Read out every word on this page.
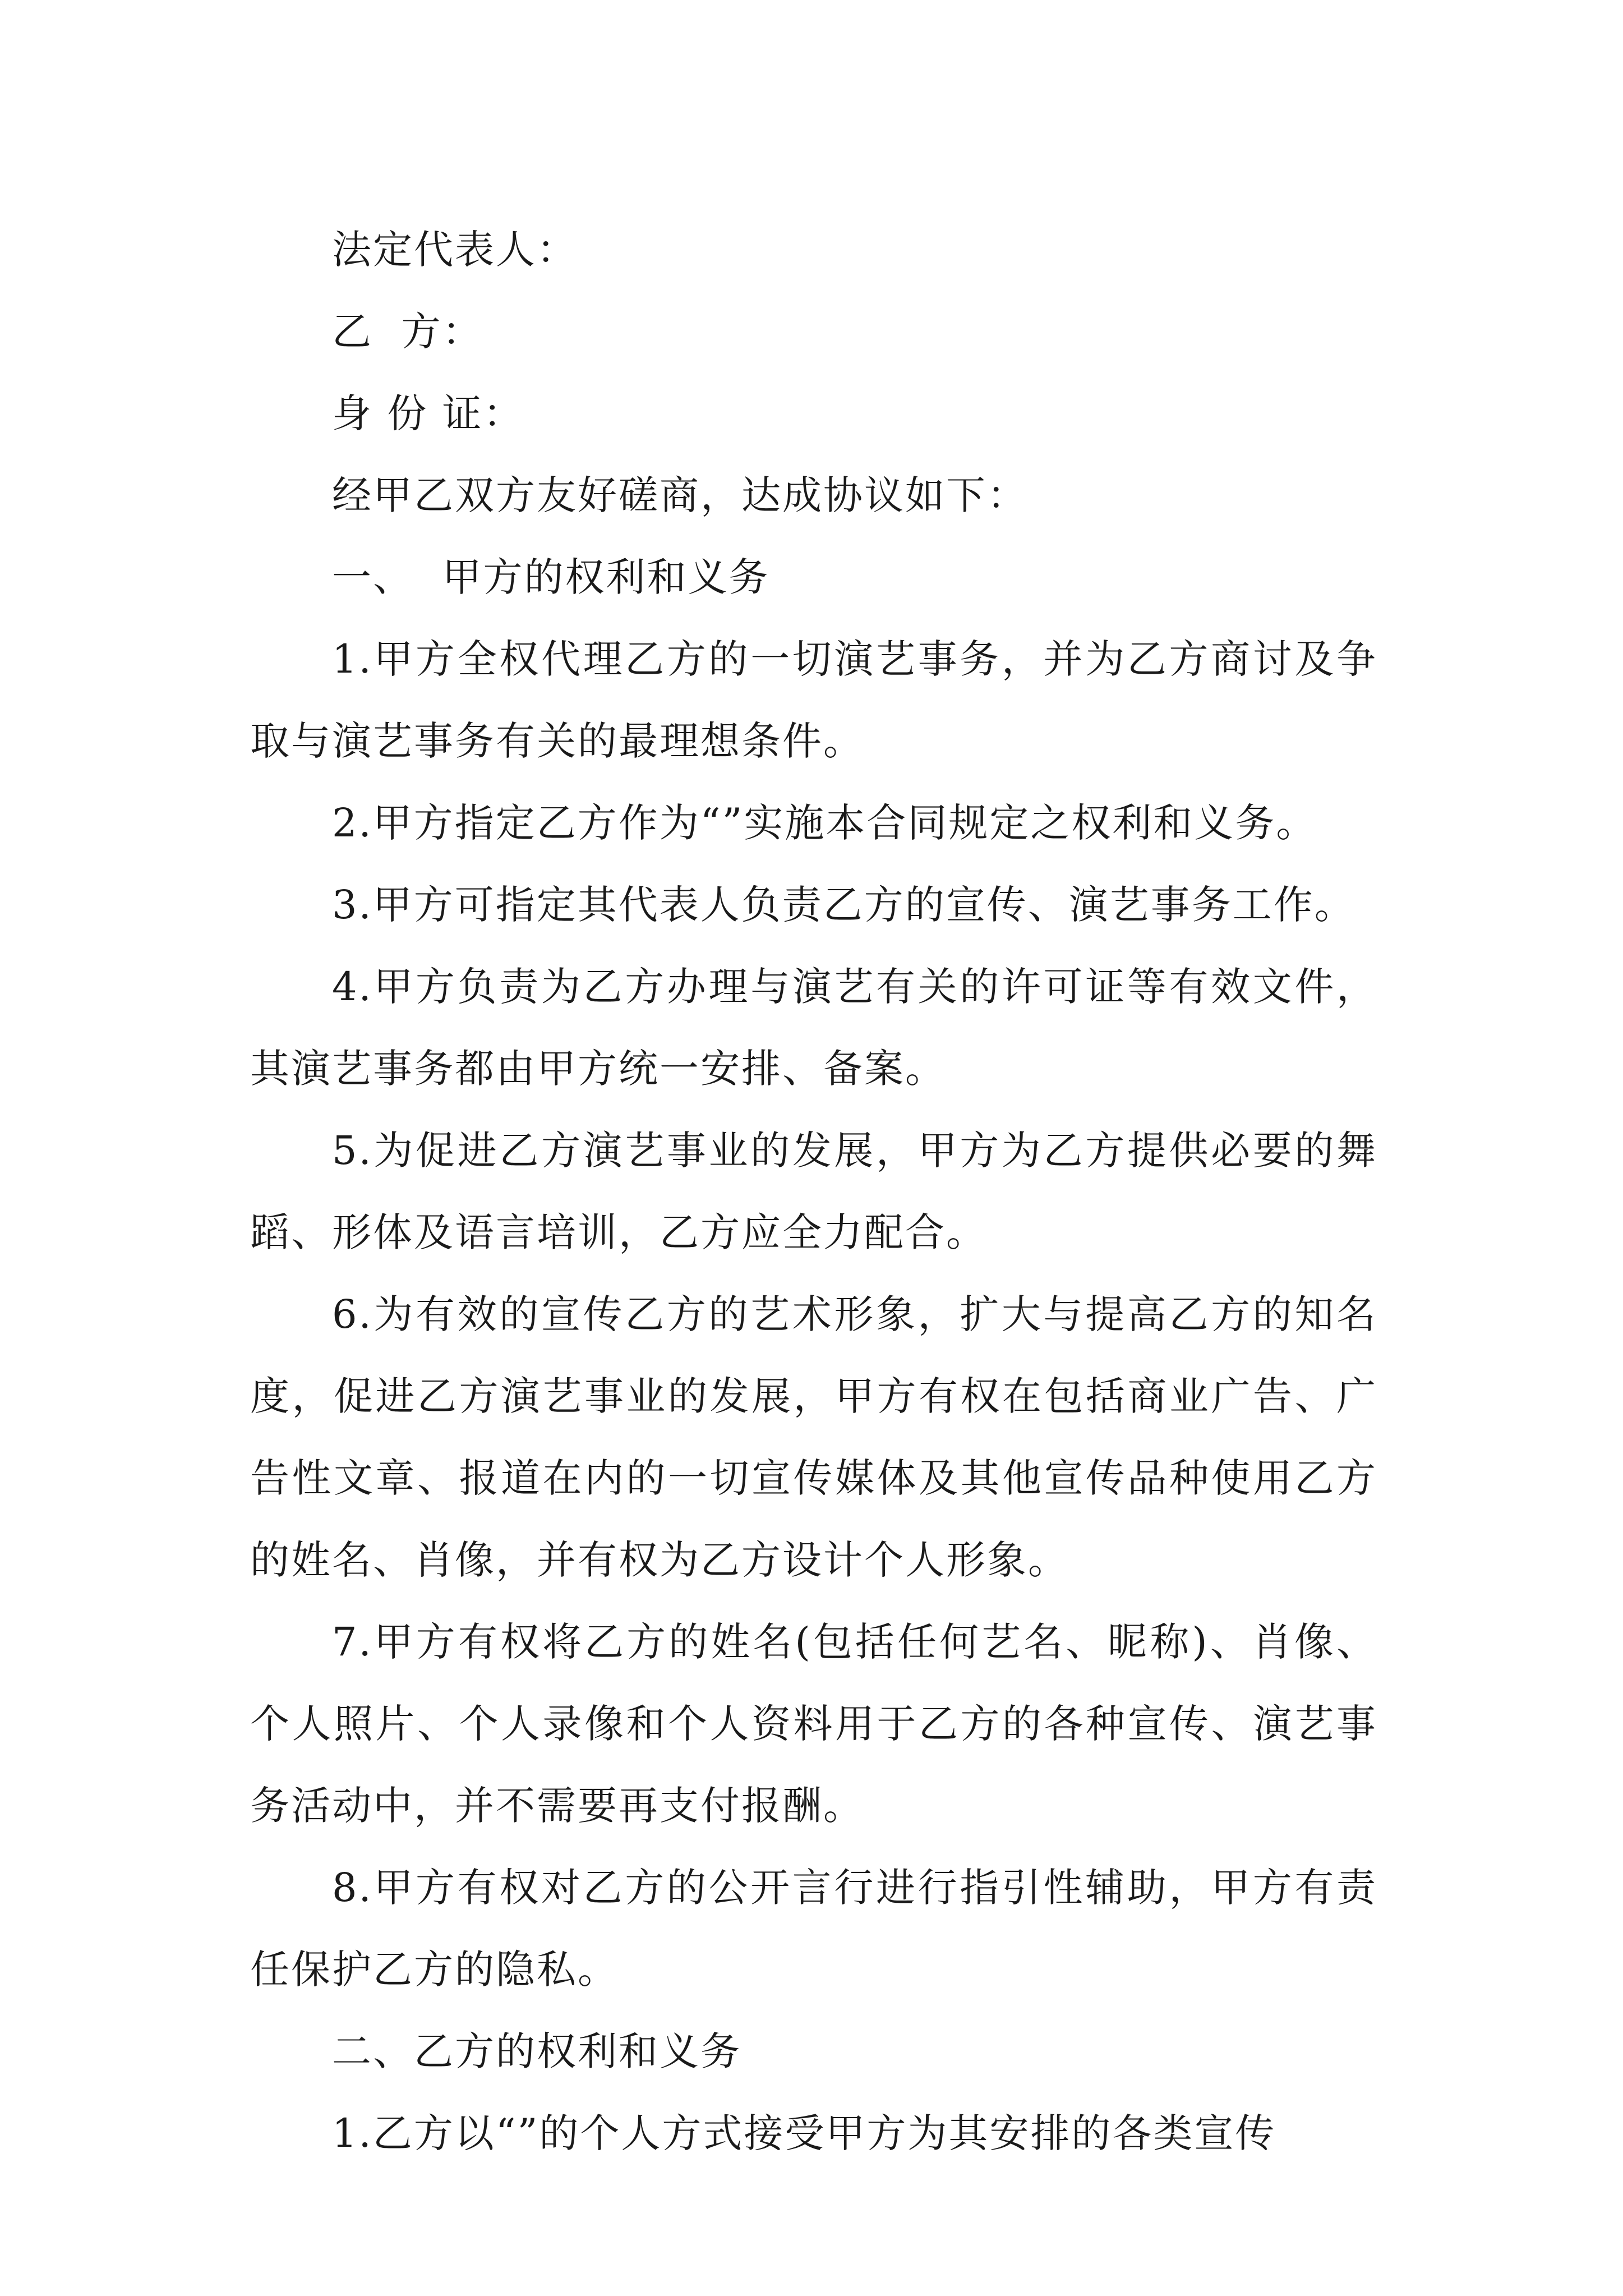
法定代表人：

乙  方：

身 份 证：

经甲乙双方友好磋商，达成协议如下：

一、  甲方的权利和义务

1.甲方全权代理乙方的一切演艺事务，并为乙方商讨及争取与演艺事务有关的最理想条件。

2.甲方指定乙方作为“”实施本合同规定之权利和义务。

3.甲方可指定其代表人负责乙方的宣传、演艺事务工作。

4.甲方负责为乙方办理与演艺有关的许可证等有效文件，其演艺事务都由甲方统一安排、备案。

5.为促进乙方演艺事业的发展，甲方为乙方提供必要的舞蹈、形体及语言培训，乙方应全力配合。

6.为有效的宣传乙方的艺术形象，扩大与提高乙方的知名度，促进乙方演艺事业的发展，甲方有权在包括商业广告、广告性文章、报道在内的一切宣传媒体及其他宣传品种使用乙方的姓名、肖像，并有权为乙方设计个人形象。

7.甲方有权将乙方的姓名(包括任何艺名、昵称)、肖像、个人照片、个人录像和个人资料用于乙方的各种宣传、演艺事务活动中，并不需要再支付报酬。

8.甲方有权对乙方的公开言行进行指引性辅助，甲方有责任保护乙方的隐私。

二、乙方的权利和义务

1.乙方以“”的个人方式接受甲方为其安排的各类宣传
